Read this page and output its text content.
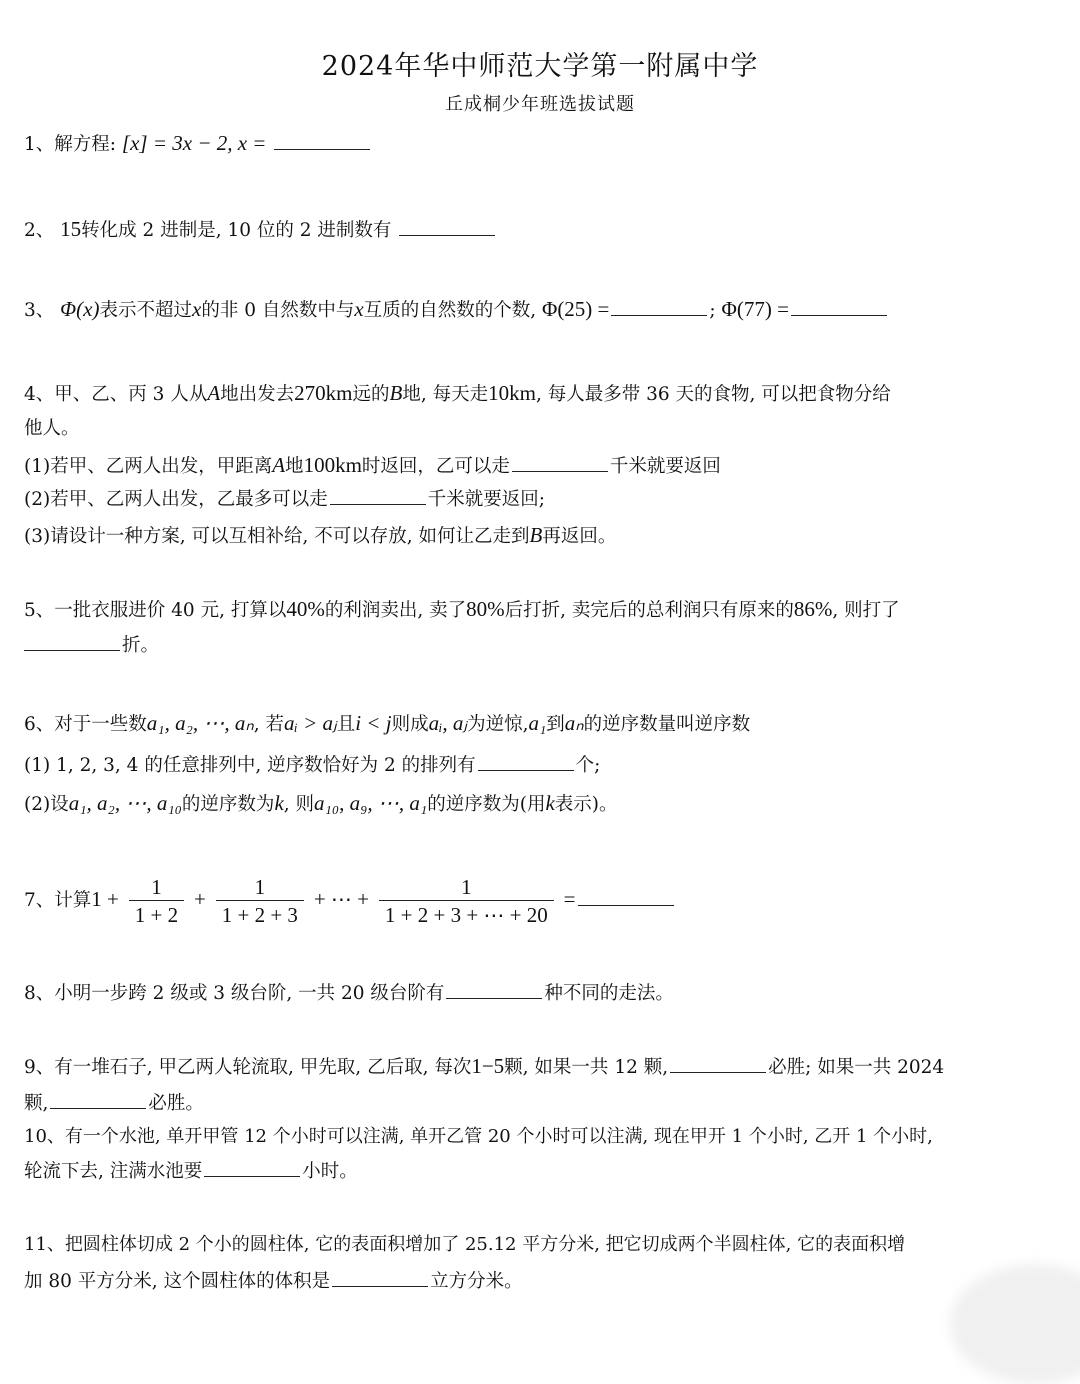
2024年华中师范大学第一附属中学
丘成桐少年班选拔试题
1、解方程: [x] = 3x − 2, x =
2、 15转化成 2 进制是, 10 位的 2 进制数有
3、 Φ(x)表示不超过x的非 0 自然数中与x互质的自然数的个数, Φ(25) =	; Φ(77) =
4、甲、乙、丙 3 人从A地出发去270km远的B地, 每天走10km, 每人最多带 36 天的食物, 可以把食物分给
他人。
(1)若甲、乙两人出发，甲距离A地100km时返回，乙可以走	千米就要返回
(2)若甲、乙两人出发，乙最多可以走	千米就要返回;
(3)请设计一种方案, 可以互相补给, 不可以存放, 如何让乙走到B再返回。
5、一批衣服进价 40 元, 打算以40%的利润卖出, 卖了80%后打折, 卖完后的总利润只有原来的86%, 则打了
折。
6、对于一些数a₁, a₂, ⋯, aₙ, 若aᵢ > aⱼ且i < j则成aᵢ, aⱼ为逆惊,a₁到aₙ的逆序数量叫逆序数
(1) 1, 2, 3, 4 的任意排列中, 逆序数恰好为 2 的排列有	个;
(2)设a₁, a₂, ⋯, a₁₀的逆序数为k, 则a₁₀, a₉, ⋯, a₁的逆序数为(用k表示)。
7、计算$1 + \frac{1}{1 + 2} + \frac{1}{1 + 2 + 3}$ + ⋯ + $\frac{1}{1 + 2 + 3 + \cdots + 20}$ =
8、小明一步跨 2 级或 3 级台阶, 一共 20 级台阶有	种不同的走法。
9、有一堆石子, 甲乙两人轮流取, 甲先取, 乙后取, 每次1−5颗, 如果一共 12 颗,	必胜; 如果一共 2024
颗,	必胜。
10、有一个水池, 单开甲管 12 个小时可以注满, 单开乙管 20 个小时可以注满, 现在甲开 1 个小时, 乙开 1 个小时,
轮流下去, 注满水池要	小时。
11、把圆柱体切成 2 个小的圆柱体, 它的表面积增加了 25.12 平方分米, 把它切成两个半圆柱体, 它的表面积增
加 80 平方分米, 这个圆柱体的体积是	立方分米。
